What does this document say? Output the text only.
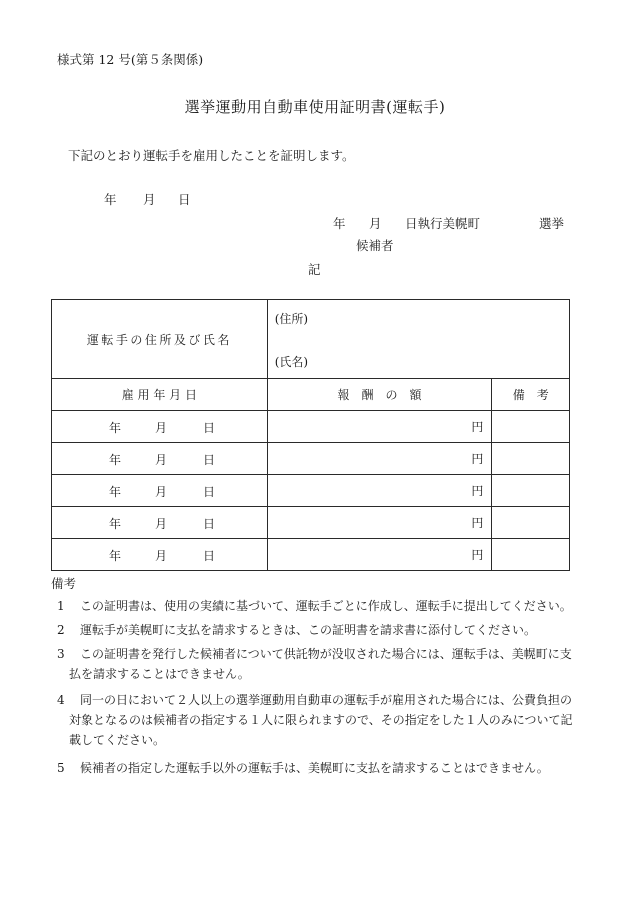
様式第 12 号(第５条関係)
選挙運動用自動車使用証明書(運転手)
下記のとおり運転手を雇用したことを証明します。
年 月 日
年 月 日執行美幌町	選挙
候補者
記
運転手の住所及び氏名	(住所)
(氏名)	

雇 用 年 月 日	報　酬　の　額	備　考

年 月 日	円	

年 月 日	円	

年 月 日	円	

年 月 日	円	

年 月 日	円	
備考
1	この証明書は、使用の実績に基づいて、運転手ごとに作成し、運転手に提出してください。
2	運転手が美幌町に支払を請求するときは、この証明書を請求書に添付してください。
3	この証明書を発行した候補者について供託物が没収された場合には、運転手は、美幌町に支
払を請求することはできません。
4	同一の日において２人以上の選挙運動用自動車の運転手が雇用された場合には、公費負担の
対象となるのは候補者の指定する１人に限られますので、その指定をした１人のみについて記
載してください。
5	候補者の指定した運転手以外の運転手は、美幌町に支払を請求することはできません。
